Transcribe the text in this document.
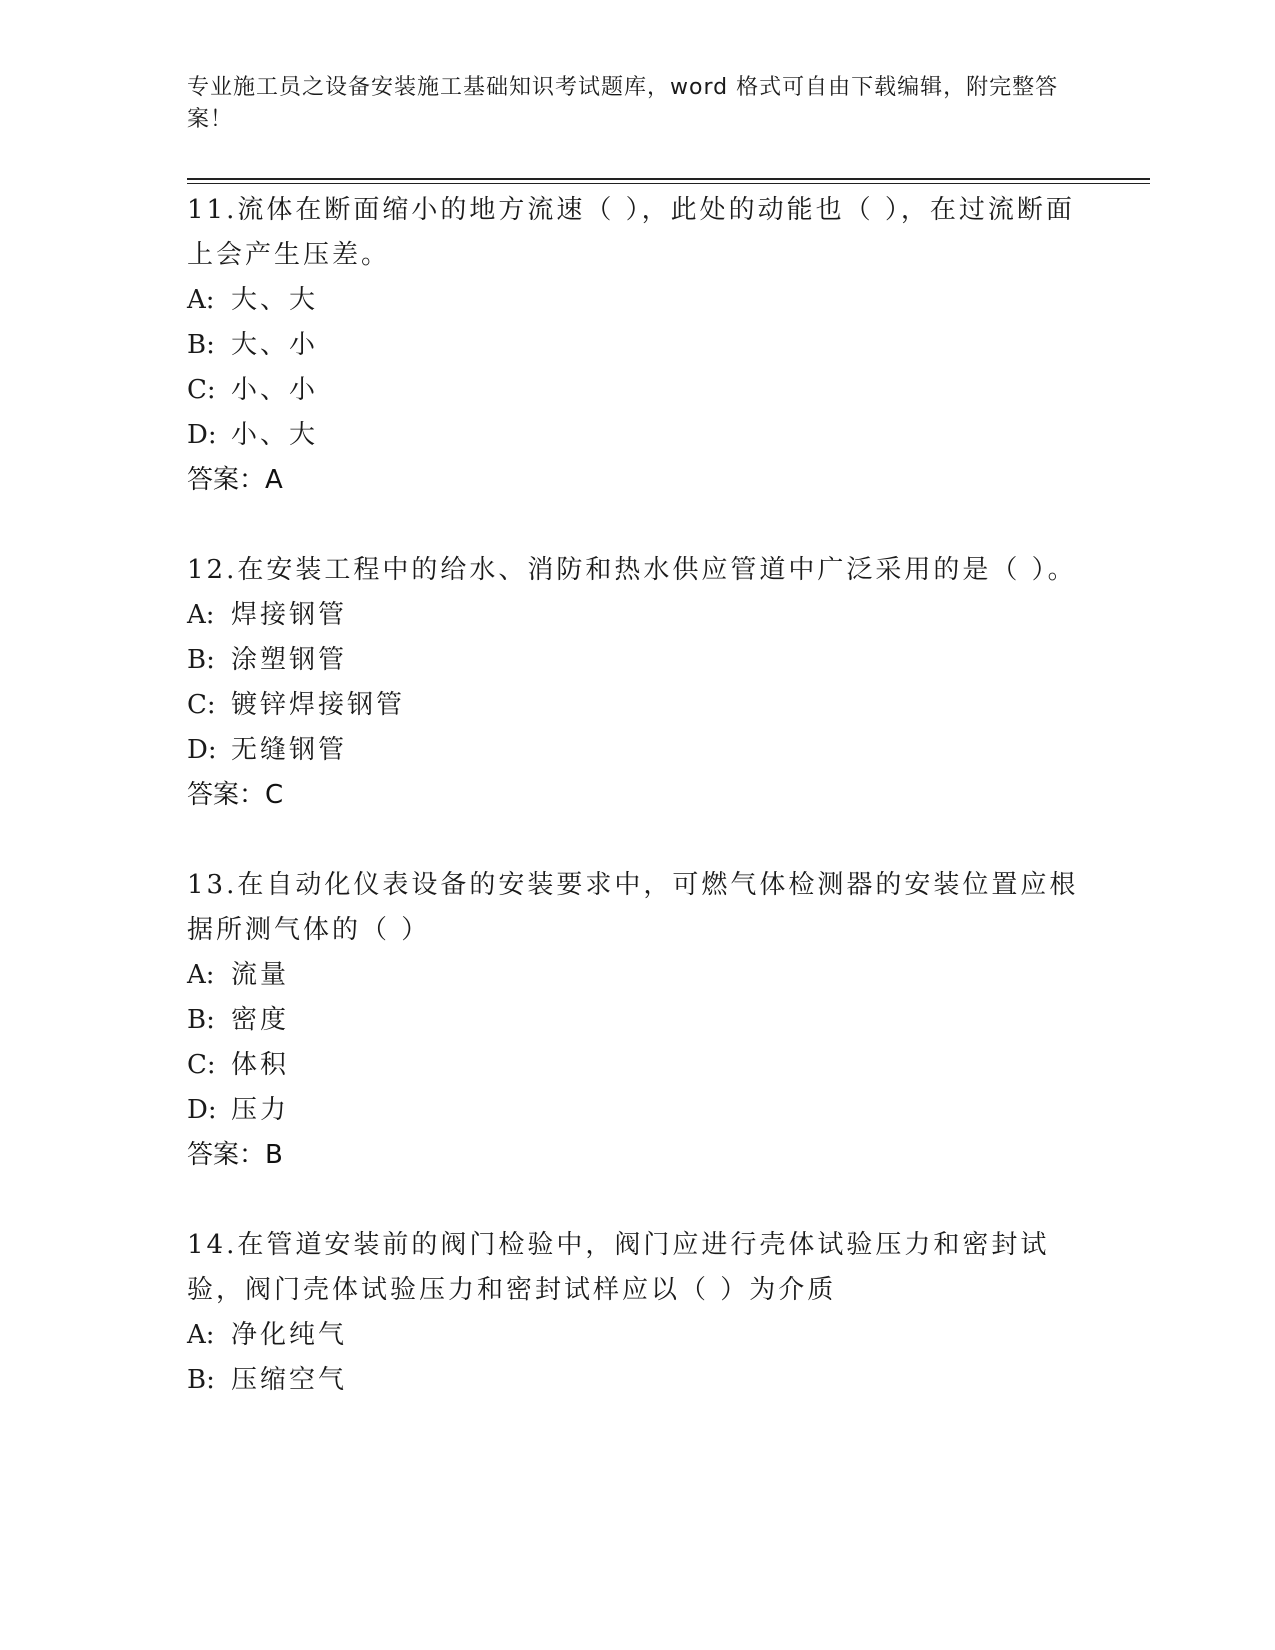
专业施工员之设备安装施工基础知识考试题库，word 格式可自由下载编辑，附完整答案！

11.流体在断面缩小的地方流速（ ），此处的动能也（ ），在过流断面上会产生压差。

A: 大、大

B: 大、小

C: 小、小

D: 小、大

答案：A

12.在安装工程中的给水、消防和热水供应管道中广泛采用的是（ ）。

A: 焊接钢管

B: 涂塑钢管

C: 镀锌焊接钢管

D: 无缝钢管

答案：C

13.在自动化仪表设备的安装要求中，可燃气体检测器的安装位置应根据所测气体的（ ）

A: 流量

B: 密度

C: 体积

D: 压力

答案：B

14.在管道安装前的阀门检验中，阀门应进行壳体试验压力和密封试验，阀门壳体试验压力和密封试样应以（ ）为介质

A: 净化纯气

B: 压缩空气
